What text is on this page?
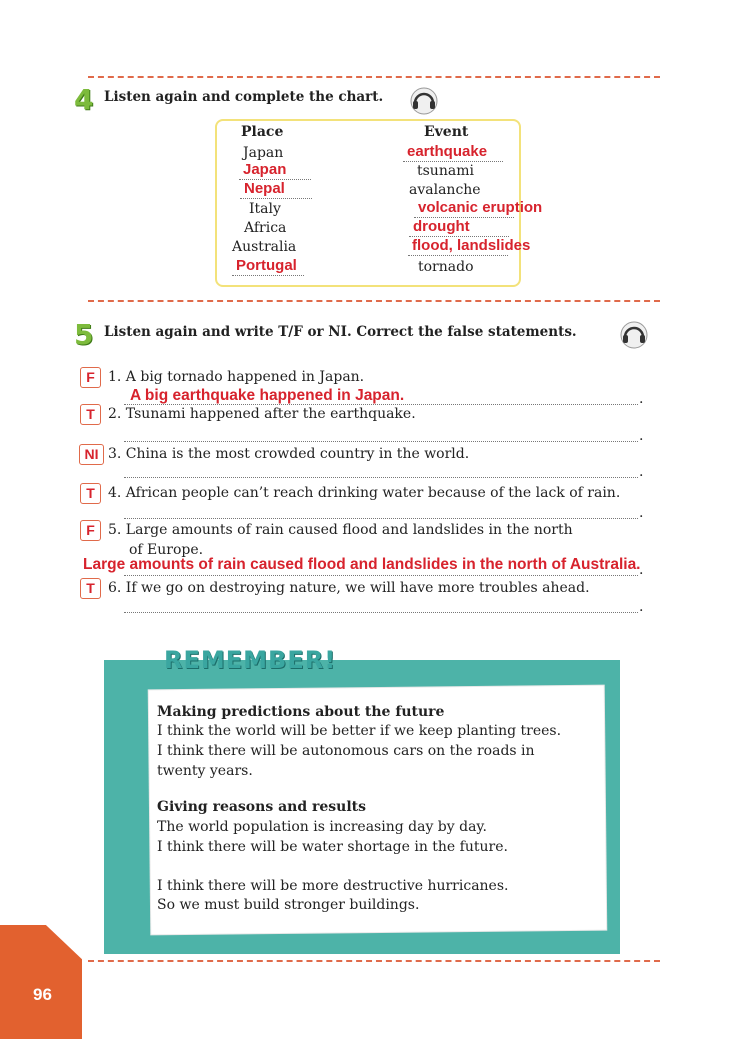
4 Listen again and complete the chart.
Place	Event
Japan	earthquake
Japan	tsunami
Nepal	avalanche
Italy	volcanic eruption
Africa	drought
Australia	flood, landslides
Portugal	tornado
5 Listen again and write T/F or NI. Correct the false statements.
F 1. A big tornado happened in Japan.
A big earthquake happened in Japan.	.
T 2. Tsunami happened after the earthquake.
.
NI 3. China is the most crowded country in the world.
.
T 4. African people can’t reach drinking water because of the lack of rain.
.
F 5. Large amounts of rain caused flood and landslides in the north
of Europe.
Large amounts of rain caused flood and landslides in the north of Australia.
.
T 6. If we go on destroying nature, we will have more troubles ahead.
.
REMEMBER!
Making predictions about the future
I think the world will be better if we keep planting trees.
I think there will be autonomous cars on the roads in
twenty years.
Giving reasons and results
The world population is increasing day by day.
I think there will be water shortage in the future.
I think there will be more destructive hurricanes.
So we must build stronger buildings.
96
